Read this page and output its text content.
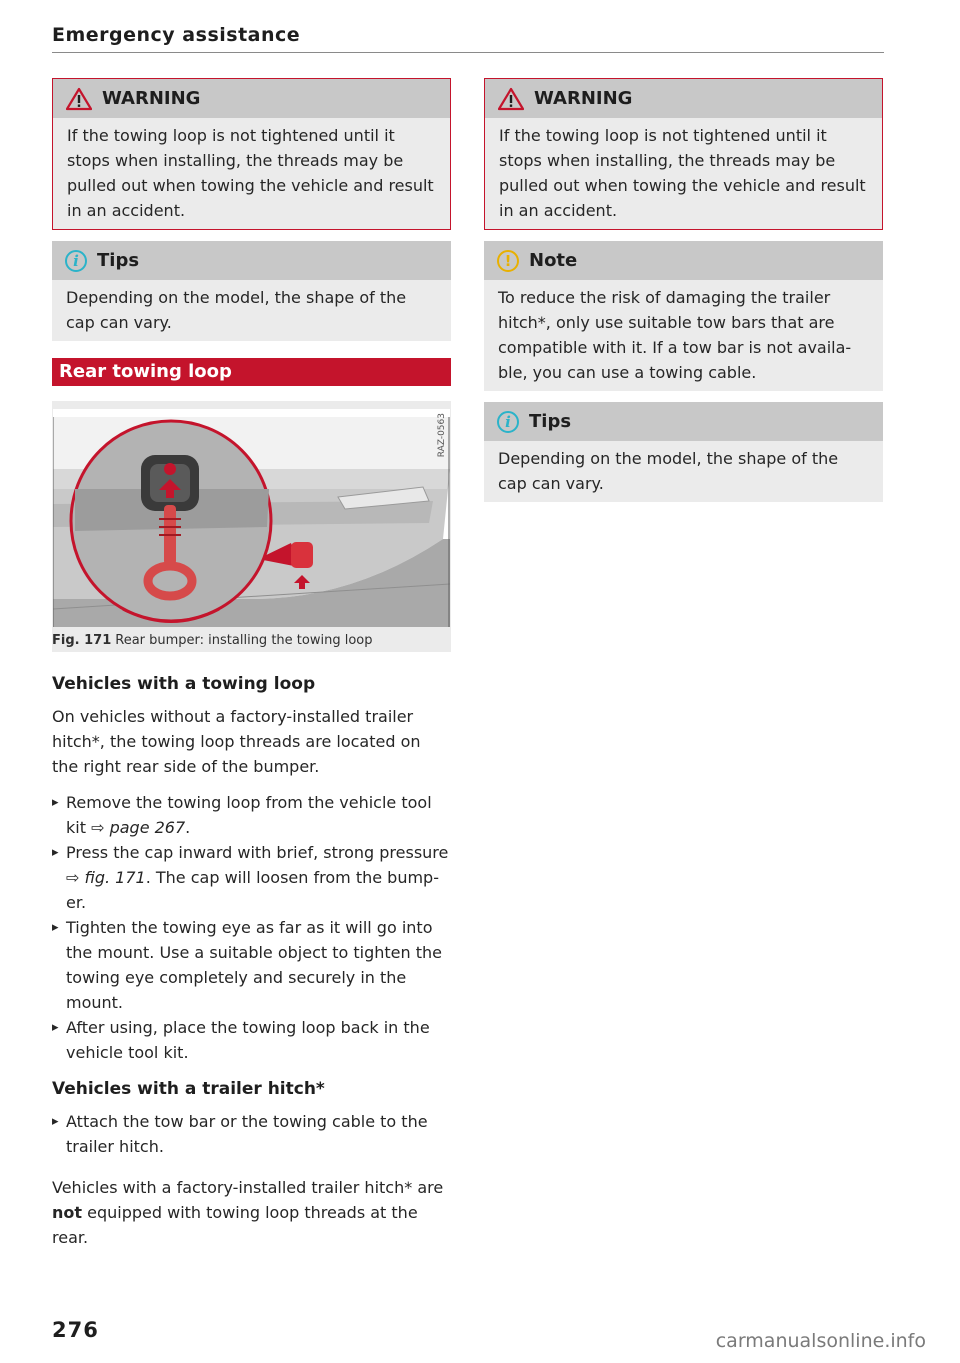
Emergency assistance
WARNING
If the towing loop is not tightened until it stops when installing, the threads may be pulled out when towing the vehicle and result in an accident.
i	Tips
Depending on the model, the shape of the cap can vary.
Rear towing loop
RAZ-0563
Fig. 171 Rear bumper: installing the towing loop
Vehicles with a towing loop

On vehicles without a factory-installed trailer hitch*, the towing loop threads are located on the right rear side of the bumper.

▸ Remove the towing loop from the vehicle tool kit ⇨ page 267.
▸ Press the cap inward with brief, strong pressure ⇨ fig. 171. The cap will loosen from the bump-er.
▸ Tighten the towing eye as far as it will go into the mount. Use a suitable object to tighten the towing eye completely and securely in the mount.
▸ After using, place the towing loop back in the vehicle tool kit.
Vehicles with a trailer hitch*
▸ Attach the tow bar or the towing cable to the trailer hitch.

Vehicles with a factory-installed trailer hitch* are not equipped with towing loop threads at the rear.

WARNING
If the towing loop is not tightened until it stops when installing, the threads may be pulled out when towing the vehicle and result in an accident.
! Note
To reduce the risk of damaging the trailer hitch*, only use suitable tow bars that are compatible with it. If a tow bar is not availa-ble, you can use a towing cable.
i	Tips
Depending on the model, the shape of the cap can vary.
276	carmanualsonline.info
